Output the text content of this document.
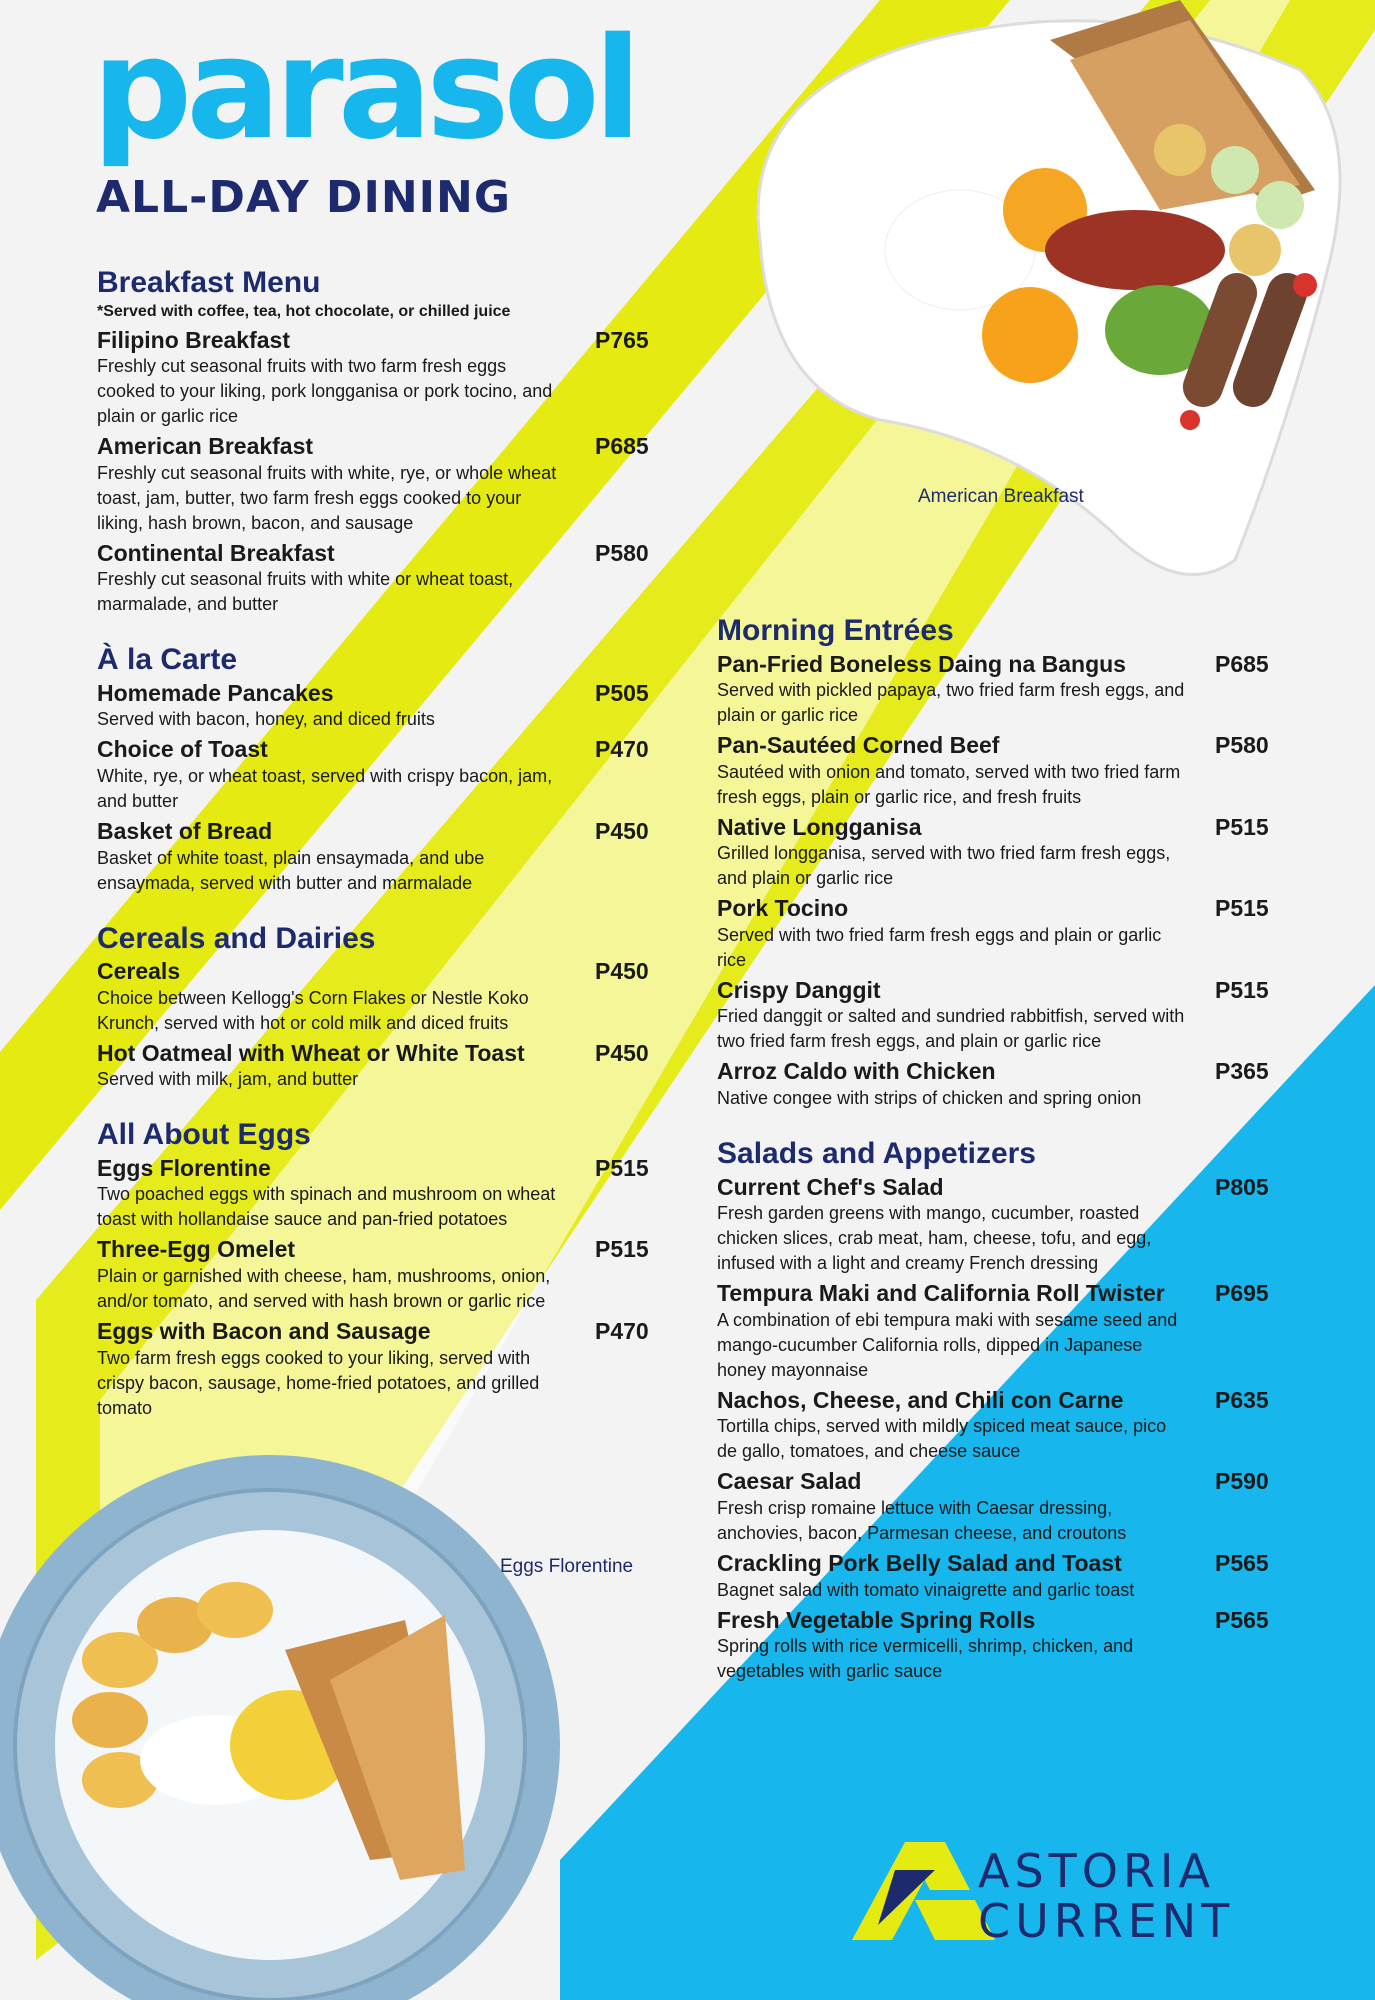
parasol
ALL-DAY DINING
American Breakfast
Eggs Florentine
Breakfast Menu
*Served with coffee, tea, hot chocolate, or chilled juice
Filipino Breakfast	P765
Freshly cut seasonal fruits with two farm fresh eggs cooked to your liking, pork longganisa or pork tocino, and plain or garlic rice
American Breakfast	P685
Freshly cut seasonal fruits with white, rye, or whole wheat toast, jam, butter, two farm fresh eggs cooked to your liking, hash brown, bacon, and sausage
Continental Breakfast	P580
Freshly cut seasonal fruits with white or wheat toast, marmalade, and butter
À la Carte
Homemade Pancakes	P505
Served with bacon, honey, and diced fruits
Choice of Toast	P470
White, rye, or wheat toast, served with crispy bacon, jam, and butter
Basket of Bread	P450
Basket of white toast, plain ensaymada, and ube ensaymada, served with butter and marmalade
Cereals and Dairies
Cereals	P450
Choice between Kellogg's Corn Flakes or Nestle Koko Krunch, served with hot or cold milk and diced fruits
Hot Oatmeal with Wheat or White Toast	P450
Served with milk, jam, and butter
All About Eggs
Eggs Florentine	P515
Two poached eggs with spinach and mushroom on wheat toast with hollandaise sauce and pan-fried potatoes
Three-Egg Omelet	P515
Plain or garnished with cheese, ham, mushrooms, onion, and/or tomato, and served with hash brown or garlic rice
Eggs with Bacon and Sausage	P470
Two farm fresh eggs cooked to your liking, served with crispy bacon, sausage, home-fried potatoes, and grilled tomato
Morning Entrées
Pan-Fried Boneless Daing na Bangus	P685
Served with pickled papaya, two fried farm fresh eggs, and plain or garlic rice
Pan-Sautéed Corned Beef	P580
Sautéed with onion and tomato, served with two fried farm fresh eggs, plain or garlic rice, and fresh fruits
Native Longganisa	P515
Grilled longganisa, served with two fried farm fresh eggs, and plain or garlic rice
Pork Tocino	P515
Served with two fried farm fresh eggs and plain or garlic rice
Crispy Danggit	P515
Fried danggit or salted and sundried rabbitfish, served with two fried farm fresh eggs, and plain or garlic rice
Arroz Caldo with Chicken	P365
Native congee with strips of chicken and spring onion
Salads and Appetizers
Current Chef's Salad	P805
Fresh garden greens with mango, cucumber, roasted chicken slices, crab meat, ham, cheese, tofu, and egg, infused with a light and creamy French dressing
Tempura Maki and California Roll Twister P695
A combination of ebi tempura maki with sesame seed and mango-cucumber California rolls, dipped in Japanese honey mayonnaise
Nachos, Cheese, and Chili con Carne	P635
Tortilla chips, served with mildly spiced meat sauce, pico de gallo, tomatoes, and cheese sauce
Caesar Salad	P590
Fresh crisp romaine lettuce with Caesar dressing, anchovies, bacon, Parmesan cheese, and croutons
Crackling Pork Belly Salad and Toast	P565
Bagnet salad with tomato vinaigrette and garlic toast
Fresh Vegetable Spring Rolls	P565
Spring rolls with rice vermicelli, shrimp, chicken, and vegetables with garlic sauce
ASTORIA
CURRENT
